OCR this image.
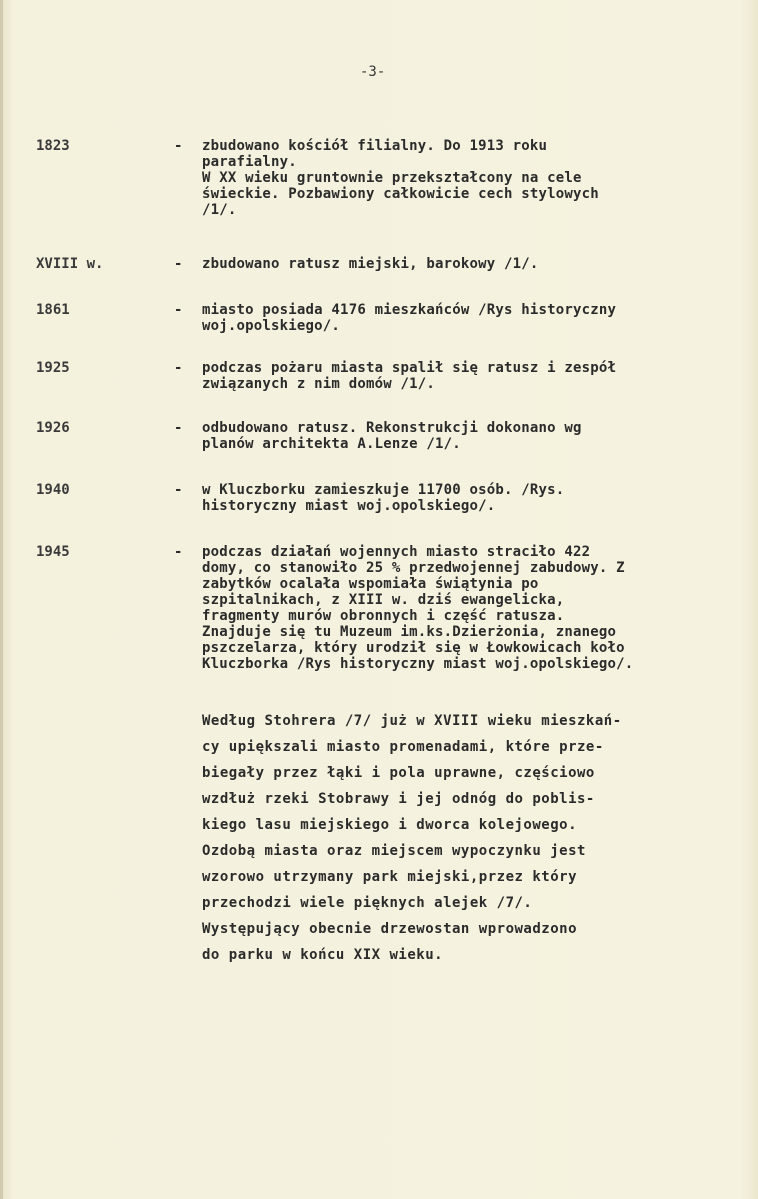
-3-
1823	- zbudowano kościół filialny. Do 1913 roku parafialny.
W XX wieku gruntownie przekształcony na cele świeckie. Pozbawiony całkowicie cech stylowych /1/.
XVIII w.	- zbudowano ratusz miejski, barokowy /1/.
1861	- miasto posiada 4176 mieszkańców /Rys historyczny woj.opolskiego/.
1925	- podczas pożaru miasta spalił się ratusz i zespół związanych z nim domów /1/.
1926	- odbudowano ratusz. Rekonstrukcji dokonano wg planów architekta A.Lenze /1/.
1940	- w Kluczborku zamieszkuje 11700 osób. /Rys. historyczny miast woj.opolskiego/.
1945	- podczas działań wojennych miasto straciło 422 domy, co stanowiło 25 % przedwojennej zabudowy. Z zabytków ocalała wspomiała świątynia po szpitalnikach, z XIII w. dziś ewangelicka, fragmenty murów obronnych i część ratusza. Znajduje się tu Muzeum im.ks.Dzierżonia, znanego pszczelarza, który urodził się w Łowkowicach koło Kluczborka /Rys historyczny miast woj.opolskiego/.
Według Stohrera /7/ już w XVIII wieku mieszkań-
cy upiększali miasto promenadami, które prze-
biegały przez łąki i pola uprawne, częściowo
wzdłuż rzeki Stobrawy i jej odnóg do poblis-
kiego lasu miejskiego i dworca kolejowego.
Ozdobą miasta oraz miejscem wypoczynku jest
wzorowo utrzymany park miejski,przez który
przechodzi wiele pięknych alejek /7/.
Występujący obecnie drzewostan wprowadzono
do parku w końcu XIX wieku.
